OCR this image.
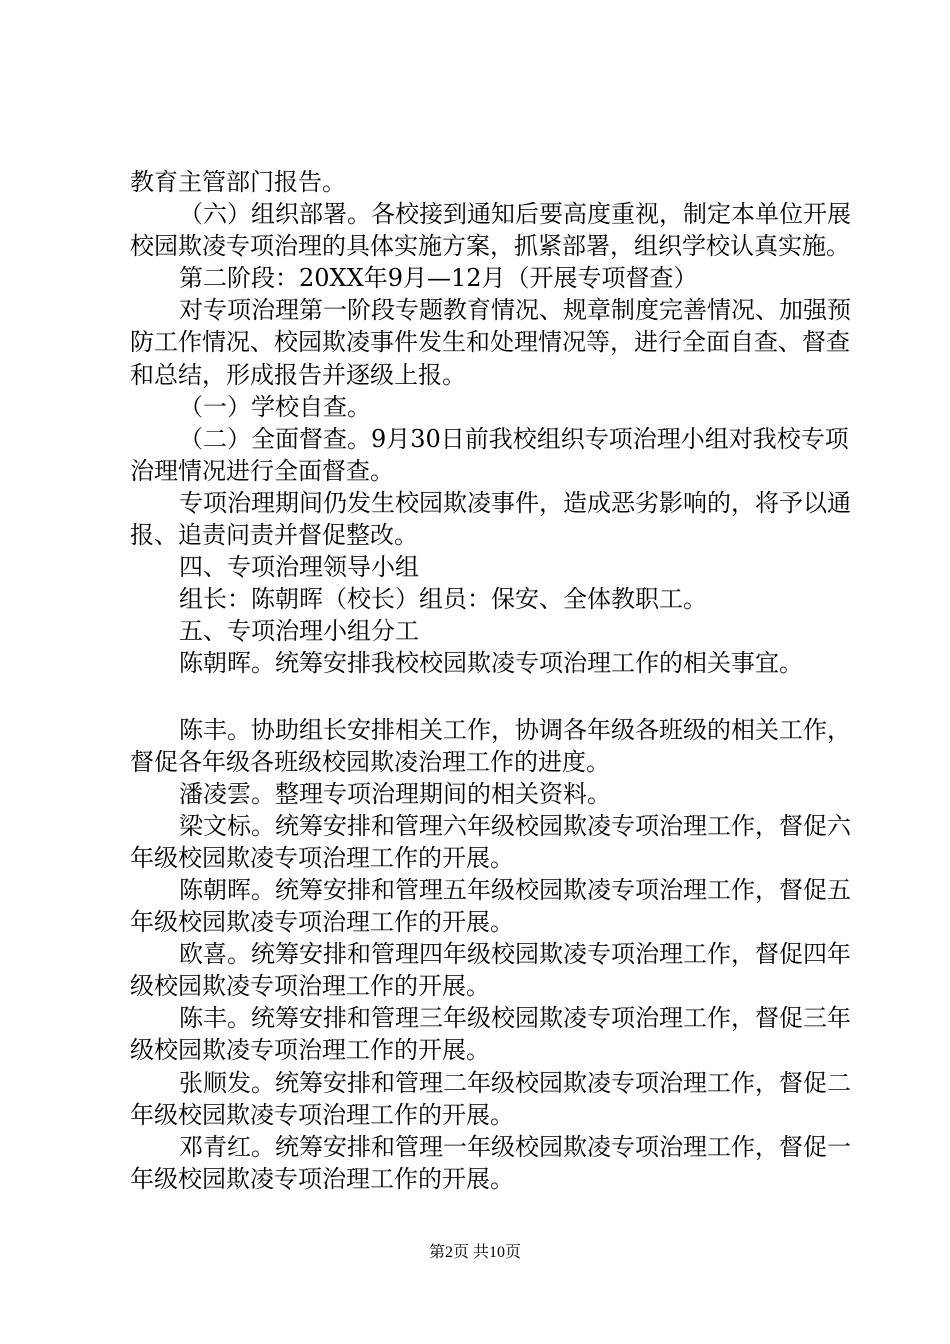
教育主管部门报告。

（六）组织部署。各校接到通知后要高度重视，制定本单位开展校园欺凌专项治理的具体实施方案，抓紧部署，组织学校认真实施。

第二阶段：20XX年9月—12月（开展专项督查）

对专项治理第一阶段专题教育情况、规章制度完善情况、加强预防工作情况、校园欺凌事件发生和处理情况等，进行全面自查、督查和总结，形成报告并逐级上报。

（一）学校自查。

（二）全面督查。9月30日前我校组织专项治理小组对我校专项治理情况进行全面督查。

专项治理期间仍发生校园欺凌事件，造成恶劣影响的，将予以通报、追责问责并督促整改。

四、专项治理领导小组

组长：陈朝晖（校长）组员：保安、全体教职工。

五、专项治理小组分工

陈朝晖。统筹安排我校校园欺凌专项治理工作的相关事宜。

陈丰。协助组长安排相关工作，协调各年级各班级的相关工作，督促各年级各班级校园欺凌治理工作的进度。

潘凌雲。整理专项治理期间的相关资料。

梁文标。统筹安排和管理六年级校园欺凌专项治理工作，督促六年级校园欺凌专项治理工作的开展。

陈朝晖。统筹安排和管理五年级校园欺凌专项治理工作，督促五年级校园欺凌专项治理工作的开展。

欧喜。统筹安排和管理四年级校园欺凌专项治理工作，督促四年级校园欺凌专项治理工作的开展。

陈丰。统筹安排和管理三年级校园欺凌专项治理工作，督促三年级校园欺凌专项治理工作的开展。

张顺发。统筹安排和管理二年级校园欺凌专项治理工作，督促二年级校园欺凌专项治理工作的开展。

邓青红。统筹安排和管理一年级校园欺凌专项治理工作，督促一年级校园欺凌专项治理工作的开展。

第2页 共10页
